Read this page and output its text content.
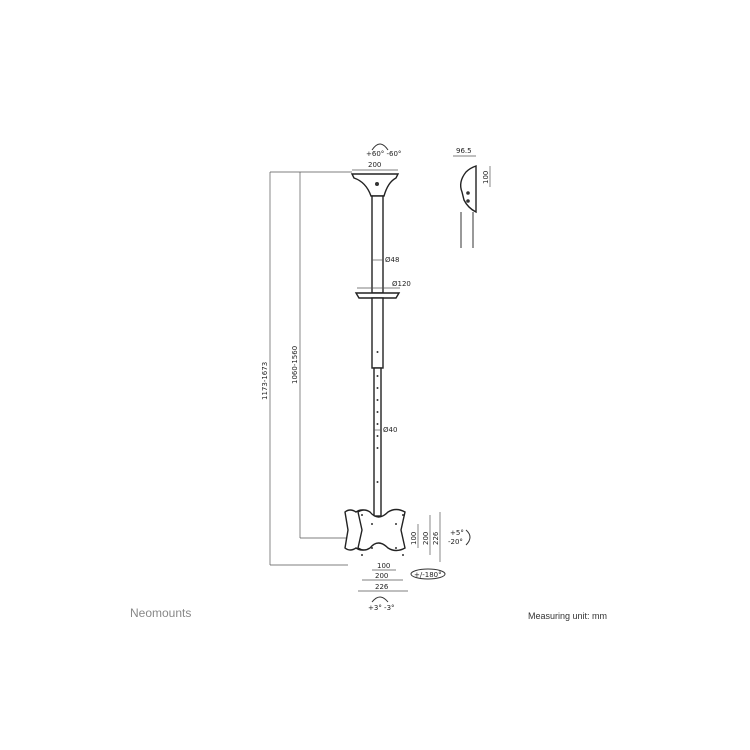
+60° -60°
200
Ø48
Ø120
Ø40
1173-1673	1060-1560
100 200 226 +5°
-20°
100
200
226
+/-180°
+3° -3°
96.5
100
Neomounts	Measuring unit: mm
